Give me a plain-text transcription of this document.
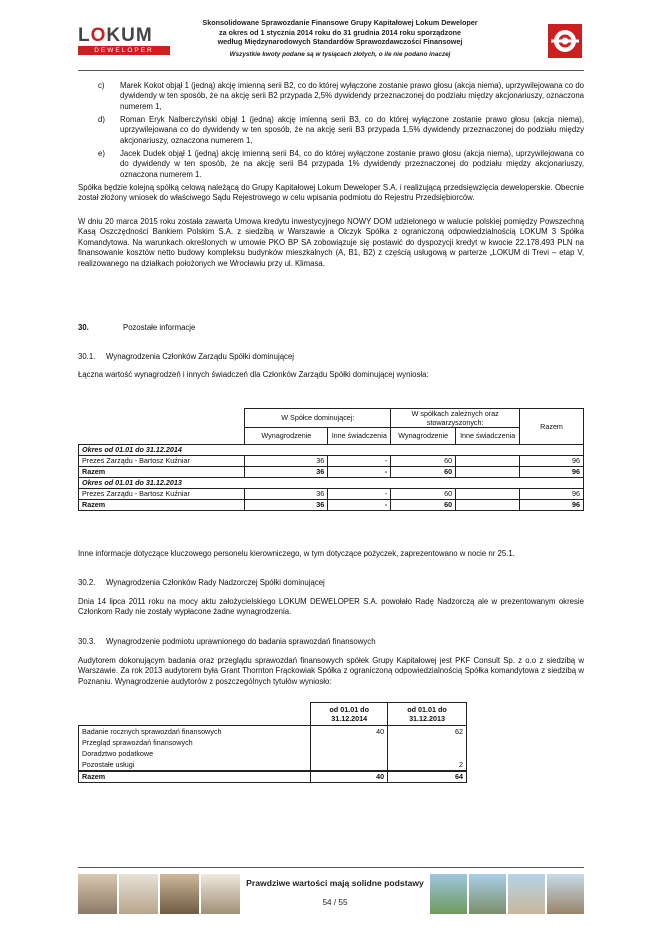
LOKUM
DEWELOPER
Skonsolidowane Sprawozdanie Finansowe Grupy Kapitałowej Lokum Deweloper
za okres od 1 stycznia 2014 roku do 31 grudnia 2014 roku sporządzone
według Międzynarodowych Standardów Sprawozdawczości Finansowej
Wszystkie kwoty podane są w tysiącach złotych, o ile nie podano inaczej
c) Marek Kokot objął 1 (jedną) akcję imienną serii B2, co do której wyłączone zostanie prawo głosu (akcja niema), uprzywilejowana co do dywidendy w ten sposób, że na akcję serii B2 przypada 2,5% dywidendy przeznaczonej do podziału między akcjonariuszy, oznaczona numerem 1,
d) Roman Eryk Nalberczyński objął 1 (jedną) akcję imienną serii B3, co do której wyłączone zostanie prawo głosu (akcja niema), uprzywilejowana co do dywidendy w ten sposób, że na akcję serii B3 przypada 1,5% dywidendy przeznaczonej do podziału między akcjonariuszy, oznaczona numerem 1,
e) Jacek Dudek objął 1 (jedną) akcję imienną serii B4, co do której wyłączone zostanie prawo głosu (akcja niema), uprzywilejowana co do dywidendy w ten sposób, że na akcję serii B4 przypada 1% dywidendy przeznaczonej do podziału między akcjonariuszy, oznaczona numerem 1.
Spółka będzie kolejną spółką celową należącą do Grupy Kapitałowej Lokum Deweloper S.A. i realizującą przedsięwzięcia deweloperskie. Obecnie został złożony wniosek do właściwego Sądu Rejestrowego w celu wpisania podmiotu do Rejestru Przedsiębiorców.
W dniu 20 marca 2015 roku została zawarta Umowa kredytu inwestycyjnego NOWY DOM udzielonego w walucie polskiej pomiędzy Powszechną Kasą Oszczędności Bankiem Polskim S.A. z siedzibą w Warszawie a Olczyk Spółka z ograniczoną odpowiedzialnością LOKUM 3 Spółka Komandytowa. Na warunkach określonych w umowie PKO BP SA zobowiązuje się postawić do dyspozycji kredyt w kwocie 22.178.493 PLN na finansowanie kosztów netto budowy kompleksu budynków mieszkalnych (A, B1, B2) z częścią usługową w parterze „LOKUM di Trevi – etap V, realizowanego na działkach położonych we Wrocławiu przy ul. Klimasa.
30.	Pozostałe informacje
30.1. Wynagrodzenia Członków Zarządu Spółki dominującej
Łączna wartość wynagrodzeń i innych świadczeń dla Członków Zarządu Spółki dominującej wyniosła:
	W Spółce dominującej:		W spółkach zależnych oraz stowarzyszonych:		Razem
	Wynagrodzenie	Inne świadczenia	Wynagrodzenie	Inne świadczenia	
Okres od 01.01 do 31.12.2014					
Prezes Zarządu - Bartosz Kuźniar	36	-	60		96
Razem	36	-	60		96
Okres od 01.01 do 31.12.2013					
Prezes Zarządu - Bartosz Kuźniar	36	-	60		96
Razem	36	-	60		96
Inne informacje dotyczące kluczowego personelu kierowniczego, w tym dotyczące pożyczek, zaprezentowano w nocie nr 25.1.
30.2. Wynagrodzenia Członków Rady Nadzorczej Spółki dominującej
Dnia 14 lipca 2011 roku na mocy aktu założycielskiego LOKUM DEWELOPER S.A. powołało Radę Nadzorczą ale w prezentowanym okresie Członkom Rady nie zostały wypłacone żadne wynagrodzenia.
30.3. Wynagrodzenie podmiotu uprawnionego do badania sprawozdań finansowych
Audytorem dokonującym badania oraz przeglądu sprawozdań finansowych spółek Grupy Kapitałowej jest PKF Consult Sp. z o.o z siedzibą w Warszawie. Za rok 2013 audytorem była Grant Thornton Frąckowiak Spółka z ograniczoną odpowiedzialnością Spółka komandytowa z siedzibą w Poznaniu. Wynagrodzenie audytorów z poszczególnych tytułów wyniosło:
	od 01.01 do 31.12.2014	od 01.01 do 31.12.2013
Badanie rocznych sprawozdań finansowych	40	62
Przegląd sprawozdań finansowych		
Doradztwo podatkowe		
Pozostałe usługi		2
Razem	40	64
Prawdziwe wartości mają solidne podstawy
54 / 55
